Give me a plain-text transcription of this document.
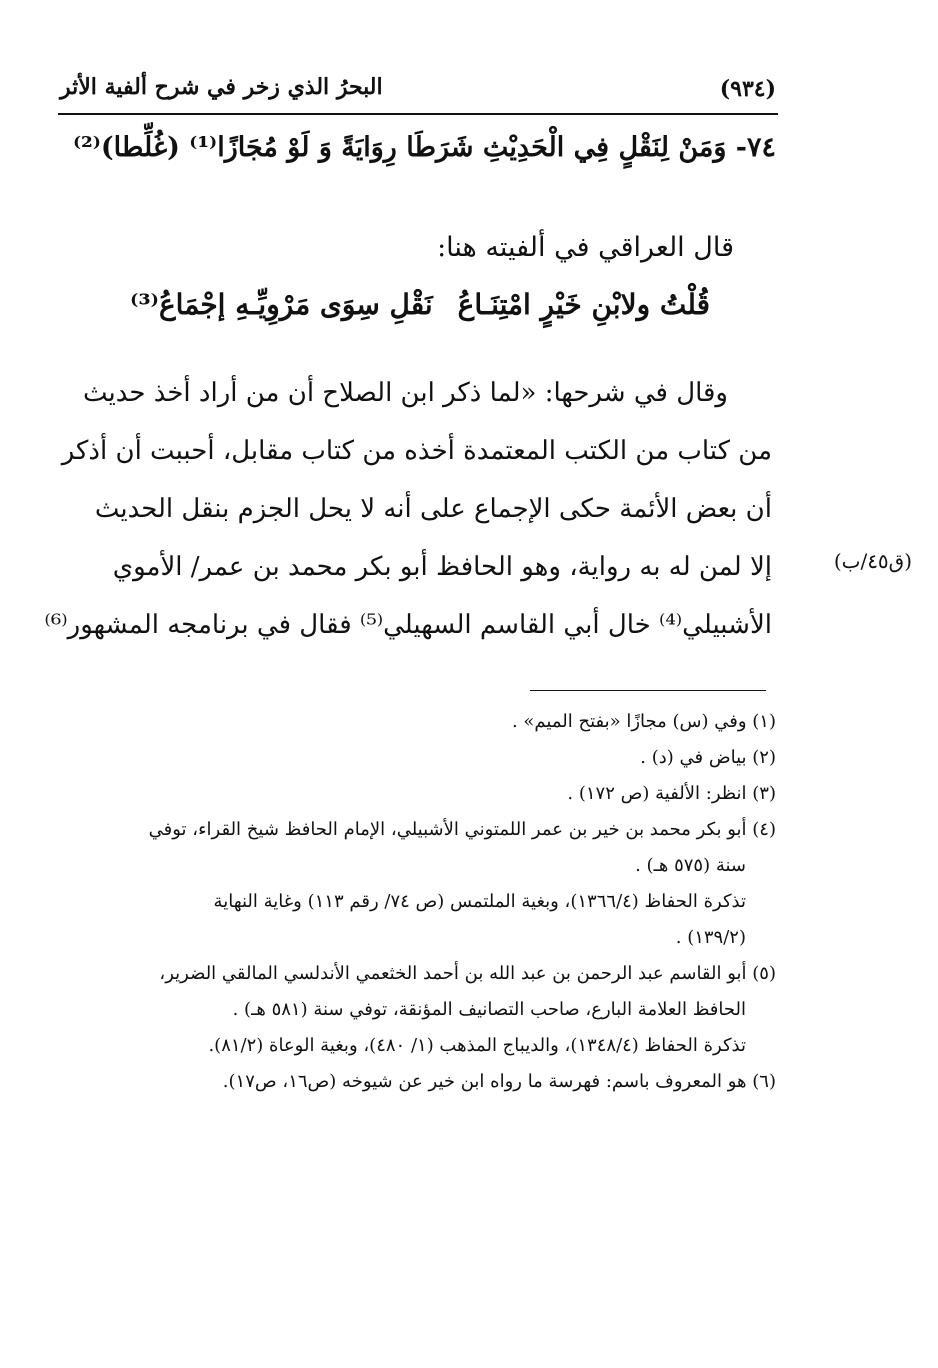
(٩٣٤)
البحرُ الذي زخر في شرح ألفية الأثر
٧٤- وَمَنْ لِنَقْلٍ فِي الْحَدِيْثِ شَرَطَا رِوَايَةً وَ لَوْ مُجَازًا⁽¹⁾ (غُلِّطا)⁽²⁾
قال العراقي في ألفيته هنا:
قُلْتُ ولابْنِ خَيْرٍ امْتِنَـاعُ
نَقْلِ سِوَى مَرْوِيِّـهِ إجْمَاعُ⁽³⁾

وقال في شرحها: «لما ذكر ابن الصلاح أن من أراد أخذ حديث

من كتاب من الكتب المعتمدة أخذه من كتاب مقابل، أحببت أن أذكر

أن بعض الأئمة حكى الإجماع على أنه لا يحل الجزم بنقل الحديث

إلا لمن له به رواية، وهو الحافظ أبو بكر محمد بن عمر/ الأموي

الأشبيلي⁽⁴⁾ خال أبي القاسم السهيلي⁽⁵⁾ فقال في برنامجه المشهور⁽⁶⁾

(ق٤٥/ب)

(١) وفي (س) مجازًا «بفتح الميم» .

(٢) بياض في (د) .

(٣) انظر: الألفية (ص ١٧٢) .

(٤) أبو بكر محمد بن خير بن عمر اللمتوني الأشبيلي، الإمام الحافظ شيخ القراء، توفي

سنة (٥٧٥ هـ) .

تذكرة الحفاظ (١٣٦٦/٤)، وبغية الملتمس (ص ٧٤/ رقم ١١٣) وغاية النهاية

(١٣٩/٢) .

(٥) أبو القاسم عبد الرحمن بن عبد الله بن أحمد الخثعمي الأندلسي المالقي الضرير،

الحافظ العلامة البارع، صاحب التصانيف المؤنقة، توفي سنة (٥٨١ هـ) .

تذكرة الحفاظ (١٣٤٨/٤)، والديباج المذهب (١/ ٤٨٠)، وبغية الوعاة (٨١/٢).

(٦) هو المعروف باسم: فهرسة ما رواه ابن خير عن شيوخه (ص١٦، ص١٧).
